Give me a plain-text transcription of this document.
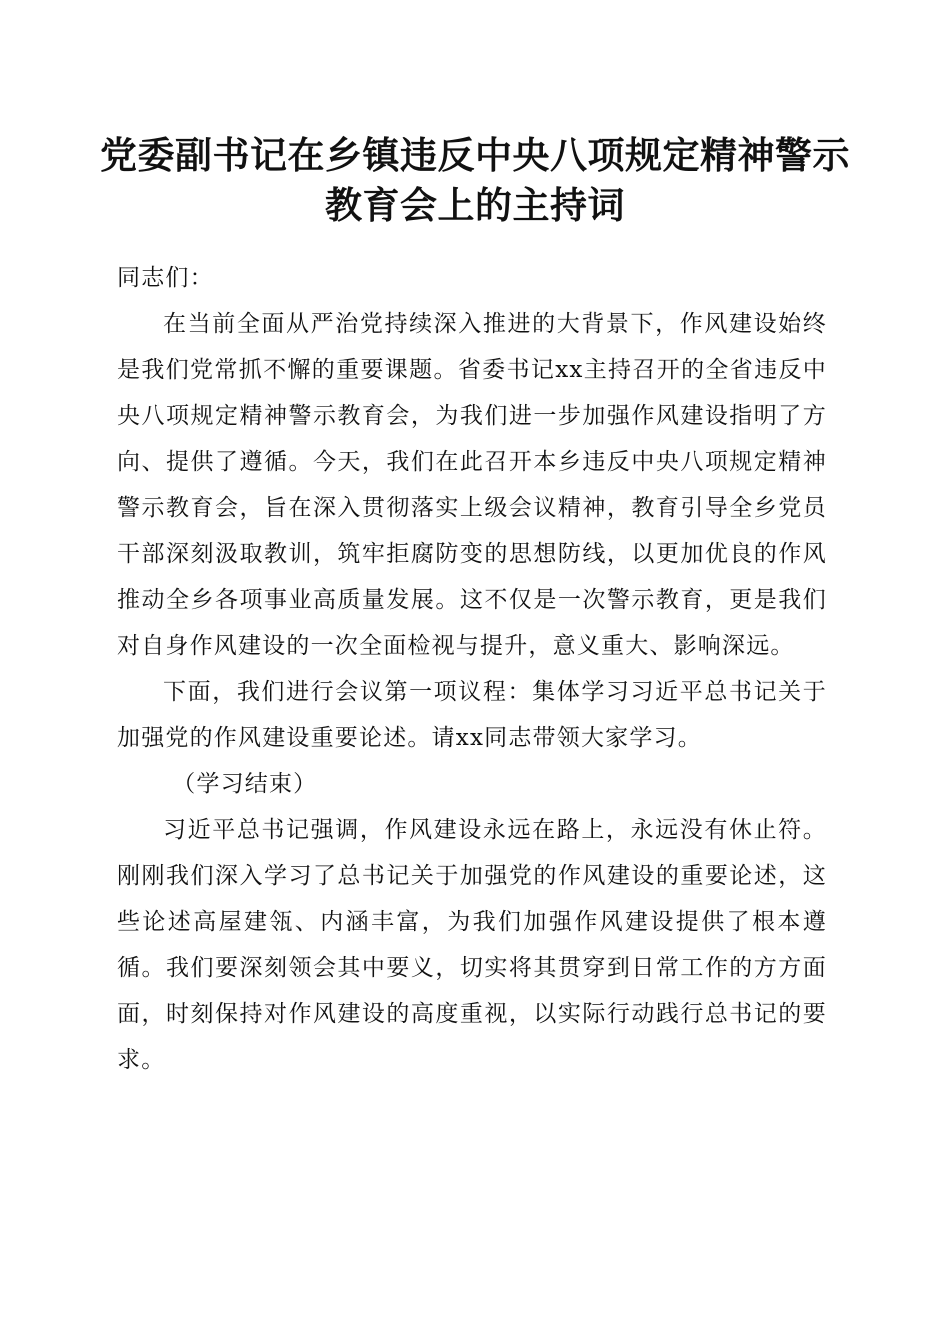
党委副书记在乡镇违反中央八项规定精神警示
教育会上的主持词

同志们：

在当前全面从严治党持续深入推进的大背景下，作风建设始终是我们党常抓不懈的重要课题。省委书记xx主持召开的全省违反中央八项规定精神警示教育会，为我们进一步加强作风建设指明了方向、提供了遵循。今天，我们在此召开本乡违反中央八项规定精神警示教育会，旨在深入贯彻落实上级会议精神，教育引导全乡党员干部深刻汲取教训，筑牢拒腐防变的思想防线，以更加优良的作风推动全乡各项事业高质量发展。这不仅是一次警示教育，更是我们对自身作风建设的一次全面检视与提升，意义重大、影响深远。

下面，我们进行会议第一项议程：集体学习习近平总书记关于加强党的作风建设重要论述。请xx同志带领大家学习。

（学习结束）

习近平总书记强调，作风建设永远在路上，永远没有休止符。刚刚我们深入学习了总书记关于加强党的作风建设的重要论述，这些论述高屋建瓴、内涵丰富，为我们加强作风建设提供了根本遵循。我们要深刻领会其中要义，切实将其贯穿到日常工作的方方面面，时刻保持对作风建设的高度重视，以实际行动践行总书记的要求。
